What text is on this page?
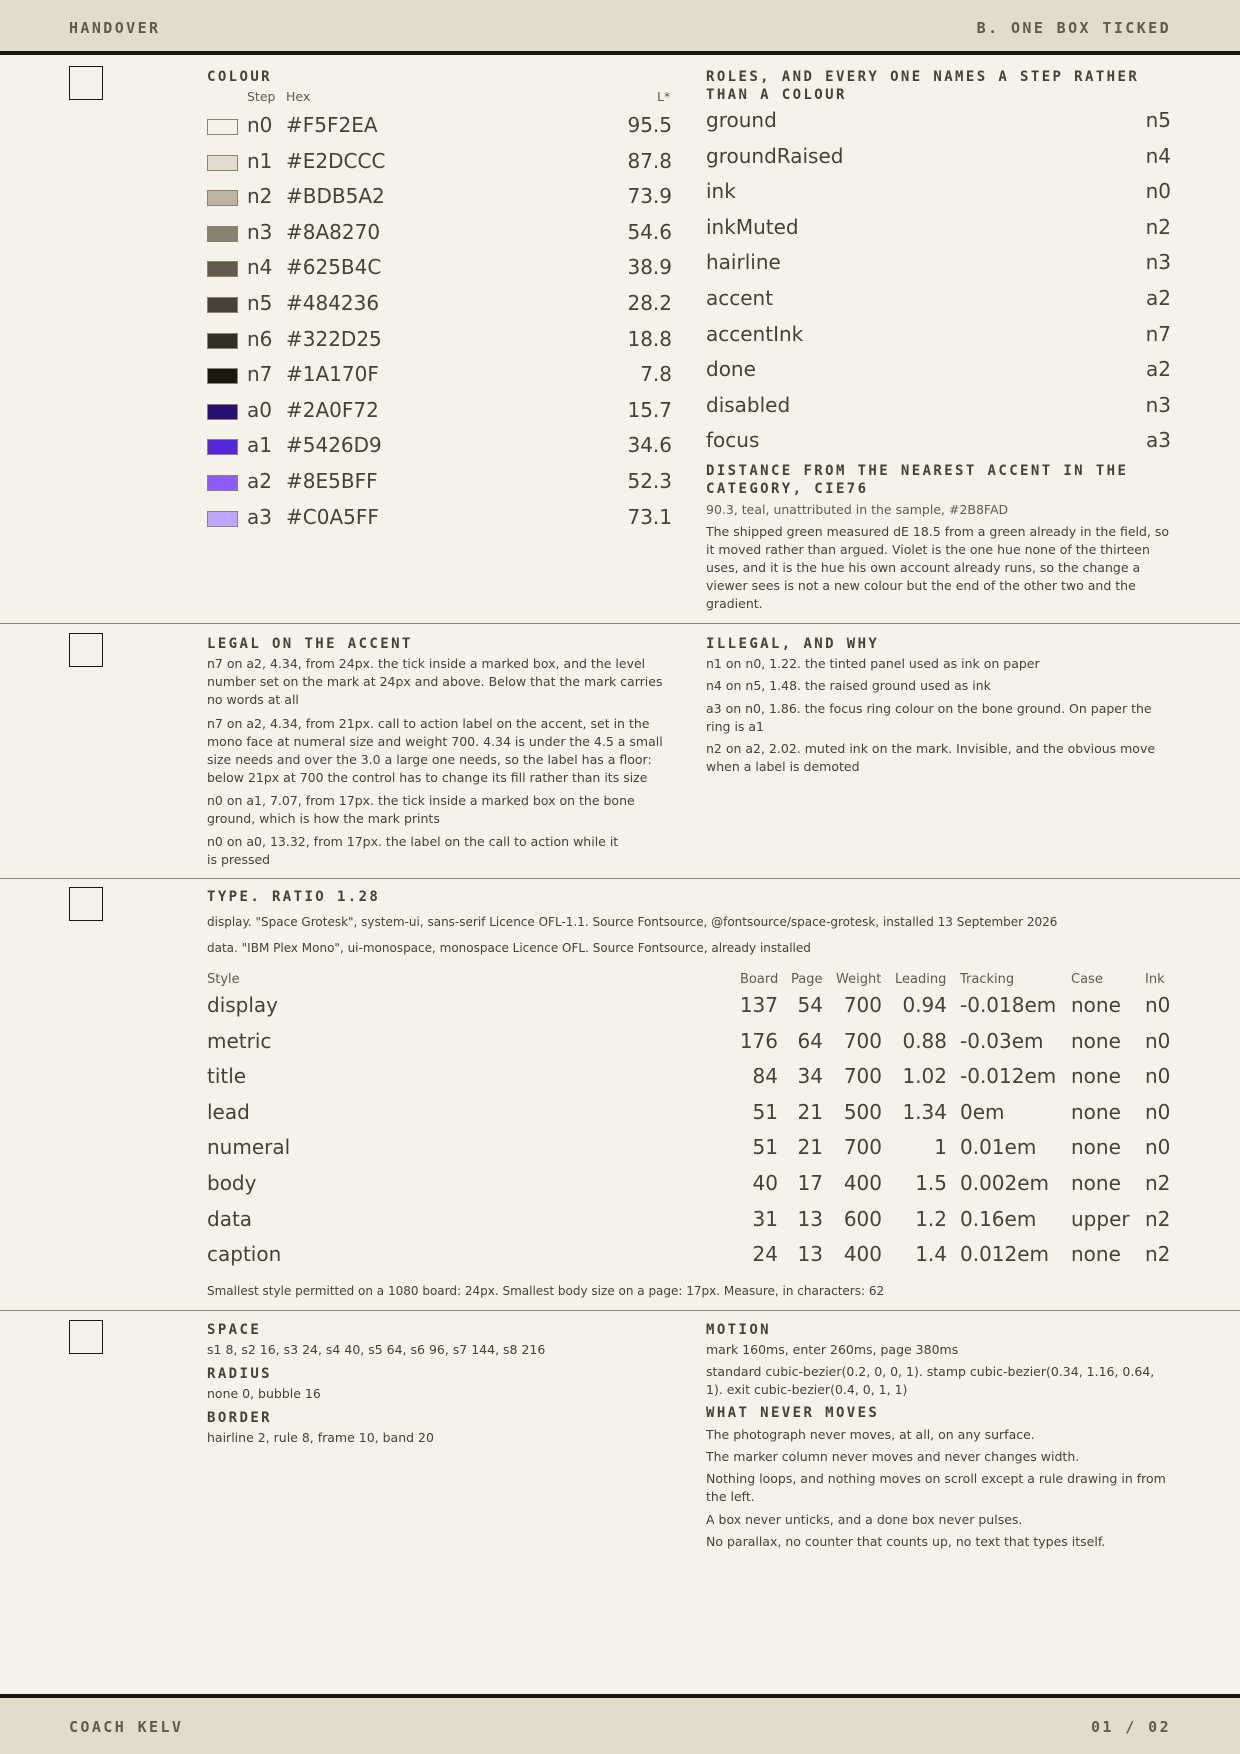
HANDOVER	B. ONE BOX TICKED
COLOUR
Step Hex	L*
n0 #F5F2EA	95.5
n1 #E2DCCC	87.8
n2 #BDB5A2	73.9
n3 #8A8270	54.6
n4 #625B4C	38.9
n5 #484236	28.2
n6 #322D25	18.8
n7 #1A170F	7.8
a0 #2A0F72	15.7
a1 #5426D9	34.6
a2 #8E5BFF	52.3
a3 #C0A5FF	73.1
ROLES, AND EVERY ONE NAMES A STEP RATHER THAN A COLOUR
ground	n5
groundRaised	n4
ink	n0
inkMuted	n2
hairline	n3
accent	a2
accentInk	n7
done	a2
disabled	n3
focus	a3
DISTANCE FROM THE NEAREST ACCENT IN THE CATEGORY, CIE76
90.3, teal, unattributed in the sample, #2B8FAD
The shipped green measured dE 18.5 from a green already in the field, so it moved rather than argued. Violet is the one hue none of the thirteen uses, and it is the hue his own account already runs, so the change a viewer sees is not a new colour but the end of the other two and the gradient.
LEGAL ON THE ACCENT
n7 on a2, 4.34, from 24px. the tick inside a marked box, and the level number set on the mark at 24px and above. Below that the mark carries no words at all
n7 on a2, 4.34, from 21px. call to action label on the accent, set in the mono face at numeral size and weight 700. 4.34 is under the 4.5 a small size needs and over the 3.0 a large one needs, so the label has a floor: below 21px at 700 the control has to change its fill rather than its size
n0 on a1, 7.07, from 17px. the tick inside a marked box on the bone ground, which is how the mark prints
n0 on a0, 13.32, from 17px. the label on the call to action while it is pressed
ILLEGAL, AND WHY
n1 on n0, 1.22. the tinted panel used as ink on paper
n4 on n5, 1.48. the raised ground used as ink
a3 on n0, 1.86. the focus ring colour on the bone ground. On paper the ring is a1
n2 on a2, 2.02. muted ink on the mark. Invisible, and the obvious move when a label is demoted
TYPE. RATIO 1.28
display. "Space Grotesk", system-ui, sans-serif Licence OFL-1.1. Source Fontsource, @fontsource/space-grotesk, installed 13 September 2026
data. "IBM Plex Mono", ui-monospace, monospace Licence OFL. Source Fontsource, already installed
Style	Board Page Weight Leading Tracking	Case	Ink
display	137 54 700 0.94 -0.018em none n0
metric	176 64 700 0.88 -0.03em none n0
title	84 34 700 1.02 -0.012em none n0
lead	51 21 500 1.34 0em	none n0
numeral	51 21 700	1 0.01em none n0
body	40 17 400 1.5 0.002em none n2
data	31 13 600 1.2 0.16em upper n2
caption	24 13 400 1.4 0.012em none n2
Smallest style permitted on a 1080 board: 24px. Smallest body size on a page: 17px. Measure, in characters: 62
SPACE
s1 8, s2 16, s3 24, s4 40, s5 64, s6 96, s7 144, s8 216
RADIUS
none 0, bubble 16
BORDER
hairline 2, rule 8, frame 10, band 20
MOTION
mark 160ms, enter 260ms, page 380ms
standard cubic-bezier(0.2, 0, 0, 1). stamp cubic-bezier(0.34, 1.16, 0.64, 1). exit cubic-bezier(0.4, 0, 1, 1)
WHAT NEVER MOVES
The photograph never moves, at all, on any surface.
The marker column never moves and never changes width.
Nothing loops, and nothing moves on scroll except a rule drawing in from the left.
A box never unticks, and a done box never pulses.
No parallax, no counter that counts up, no text that types itself.
COACH KELV	01 / 02
